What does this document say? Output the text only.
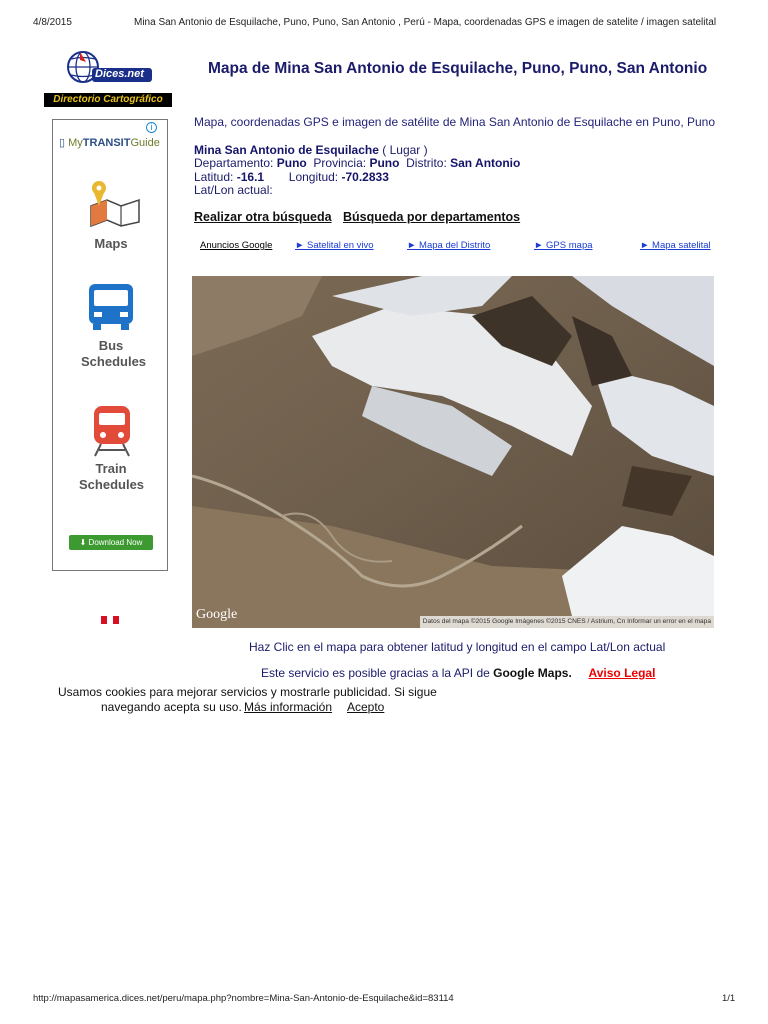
4/8/2015	Mina San Antonio de Esquilache, Puno, Puno, San Antonio , Perú - Mapa, coordenadas GPS e imagen de satelite / imagen satelital
Dices.net
Directorio Cartográfico
i
▯ MyTRANSITGuide
Maps
Bus Schedules
Train Schedules
⬇ Download Now
Mapa de Mina San Antonio de Esquilache, Puno, Puno, San Antonio
Mapa, coordenadas GPS e imagen de satélite de Mina San Antonio de Esquilache en Puno, Puno
Mina San Antonio de Esquilache ( Lugar )
Departamento: Puno Provincia: Puno Distrito: San Antonio
Latitud: -16.1 Longitud: -70.2833
Lat/Lon actual:
Realizar otra búsqueda Búsqueda por departamentos
Anuncios Google ► Satelital en vivo	► Mapa del Distrito	► GPS mapa	► Mapa satelital
Google	Datos del mapa ©2015 Google Imágenes ©2015 CNES / Astrium, Cn Informar un error en el mapa
Haz Clic en el mapa para obtener latitud y longitud en el campo Lat/Lon actual
Este servicio es posible gracias a la API de Google Maps. Aviso Legal
Usamos cookies para mejorar servicios y mostrarle publicidad. Si sigue
navegando acepta su uso. Más información Acepto
http://mapasamerica.dices.net/peru/mapa.php?nombre=Mina-San-Antonio-de-Esquilache&id=83114	1/1
